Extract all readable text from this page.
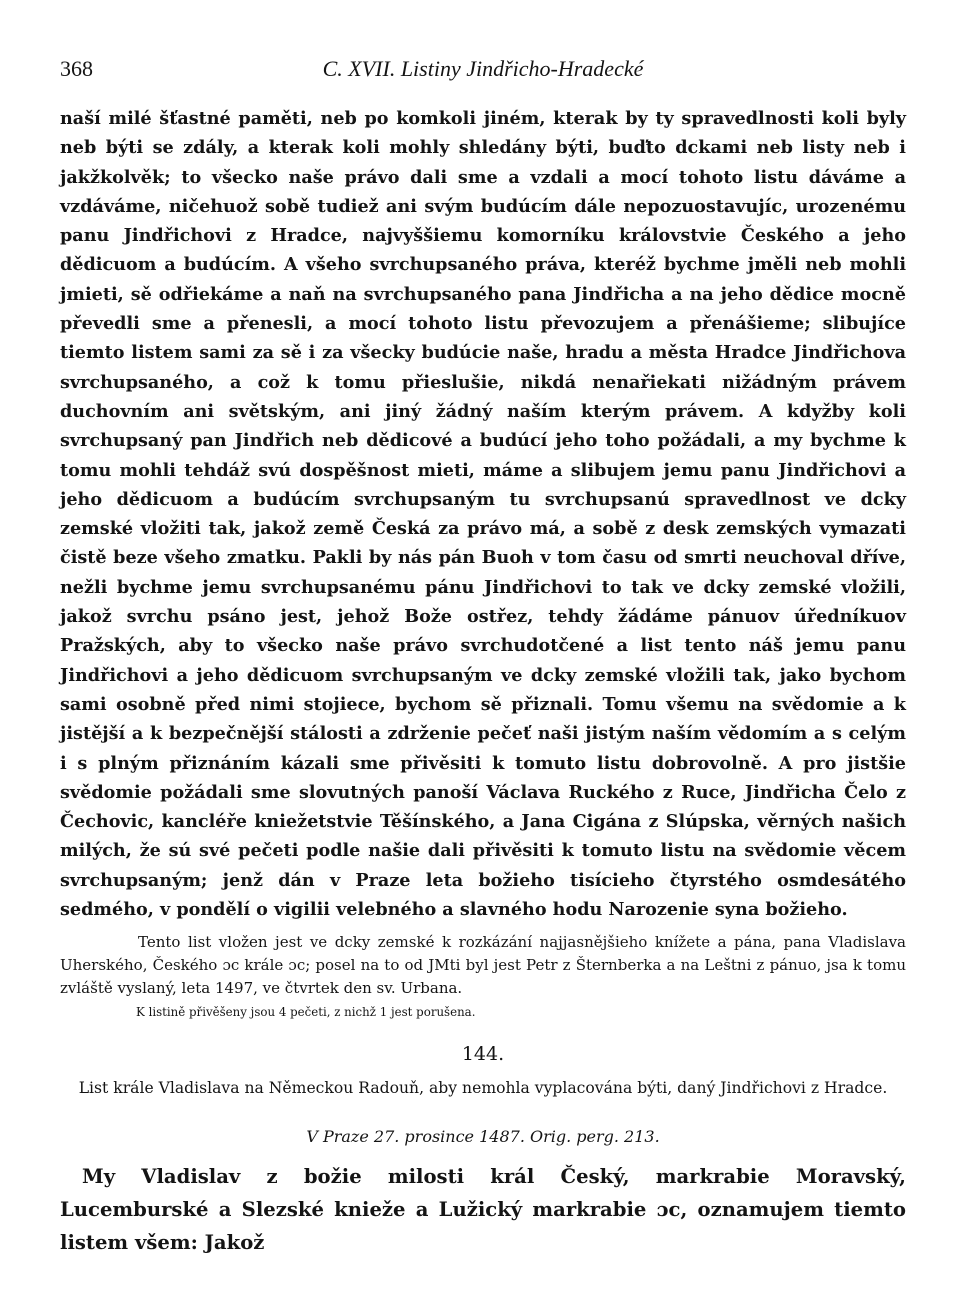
368	C. XVII. Listiny Jindřicho-Hradecké

naší milé šťastné paměti, neb po komkoli jiném, kterak by ty spravedlnosti koli byly neb býti se zdály, a kterak koli mohly shledány býti, buďto dckami neb listy neb i jakžkolvěk; to všecko naše právo dali sme a vzdali a mocí tohoto listu dáváme a vzdáváme, ničehuož sobě tudiež ani svým budúcím dále nepozuostavujíc, urozenému panu Jindřichovi z Hradce, najvyššiemu komorníku královstvie Českého a jeho dědicuom a budúcím. A všeho svrchupsaného práva, kteréž bychme jměli neb mohli jmieti, sě odřiekáme a naň na svrchupsaného pana Jindřicha a na jeho dědice mocně převedli sme a přenesli, a mocí tohoto listu převozujem a přenášieme; slibujíce tiemto listem sami za sě i za všecky budúcie naše, hradu a města Hradce Jindřichova svrchupsaného, a což k tomu přieslušie, nikdá nenařiekati nižádným právem duchovním ani světským, ani jiný žádný naším kterým právem. A kdyžby koli svrchupsaný pan Jindřich neb dědicové a budúcí jeho toho požádali, a my bychme k tomu mohli tehdáž svú dospěšnost mieti, máme a slibujem jemu panu Jindřichovi a jeho dědicuom a budúcím svrchupsaným tu svrchupsanú spravedlnost ve dcky zemské vložiti tak, jakož země Česká za právo má, a sobě z desk zemských vymazati čistě beze všeho zmatku. Pakli by nás pán Buoh v tom času od smrti neuchoval dříve, nežli bychme jemu svrchupsanému pánu Jindřichovi to tak ve dcky zemské vložili, jakož svrchu psáno jest, jehož Bože ostřez, tehdy žádáme pánuov úředníkuov Pražských, aby to všecko naše právo svrchudotčené a list tento náš jemu panu Jindřichovi a jeho dědicuom svrchupsaným ve dcky zemské vložili tak, jako bychom sami osobně před nimi stojiece, bychom sě přiznali. Tomu všemu na svědomie a k jistější a k bezpečnější stálosti a zdrženie pečeť naši jistým naším vědomím a s celým i s plným přiznáním kázali sme přivěsiti k tomuto listu dobrovolně. A pro jistšie svědomie požádali sme slovutných panoší Václava Ruckého z Ruce, Jindřicha Čelo z Čechovic, kancléře kniežetstvie Těšínského, a Jana Cigána z Slúpska, věrných našich milých, že sú své pečeti podle našie dali přivěsiti k tomuto listu na svědomie věcem svrchupsaným; jenž dán v Praze leta božieho tisícieho čtyrstého osmdesátého sedmého, v pondělí o vigilii velebného a slavného hodu Narozenie syna božieho.

Tento list vložen jest ve dcky zemské k rozkázání najjasnějšieho knížete a pána, pana Vladislava Uherského, Českého ɔc krále ɔc; posel na to od JMti byl jest Petr z Šternberka a na Leštni z pánuo, jsa k tomu zvláště vyslaný, leta 1497, ve čtvrtek den sv. Urbana.

K listině přivěšeny jsou 4 pečeti, z nichž 1 jest porušena.

144.

List krále Vladislava na Německou Radouň, aby nemohla vyplacována býti, daný Jindřichovi z Hradce.

V Praze 27. prosince 1487. Orig. perg. 213.

My Vladislav z božie milosti král Český, markrabie Moravský, Lucemburské a Slezské knieže a Lužický markrabie ɔc, oznamujem tiemto listem všem: Jakož
